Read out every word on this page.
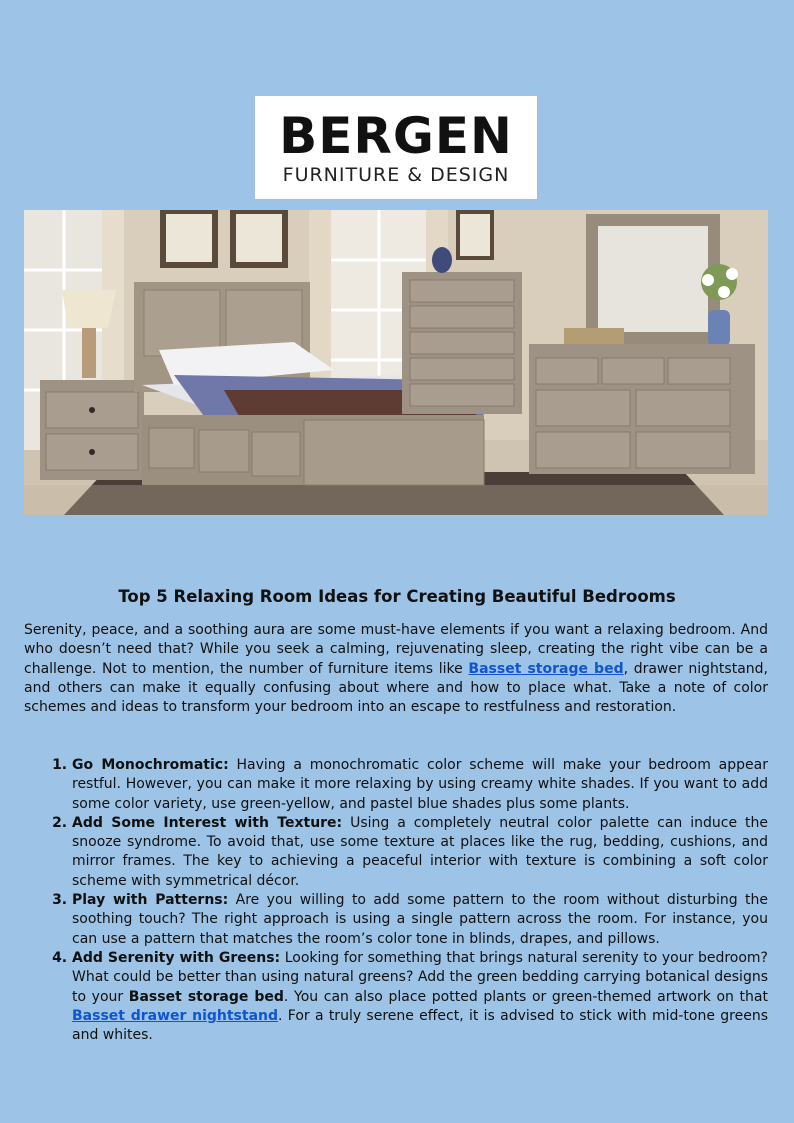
BERGEN
FURNITURE & DESIGN
Top 5 Relaxing Room Ideas for Creating Beautiful Bedrooms

Serenity, peace, and a soothing aura are some must-have elements if you want a relaxing bedroom. And who doesn’t need that? While you seek a calming, rejuvenating sleep, creating the right vibe can be a challenge. Not to mention, the number of furniture items like Basset storage bed, drawer nightstand, and others can make it equally confusing about where and how to place what. Take a note of color schemes and ideas to transform your bedroom into an escape to restfulness and restoration.

1. Go Monochromatic: Having a monochromatic color scheme will make your bedroom appear restful. However, you can make it more relaxing by using creamy white shades. If you want to add some color variety, use green-yellow, and pastel blue shades plus some plants.
2. Add Some Interest with Texture: Using a completely neutral color palette can induce the snooze syndrome. To avoid that, use some texture at places like the rug, bedding, cushions, and mirror frames. The key to achieving a peaceful interior with texture is combining a soft color scheme with symmetrical décor.
3. Play with Patterns: Are you willing to add some pattern to the room without disturbing the soothing touch? The right approach is using a single pattern across the room. For instance, you can use a pattern that matches the room’s color tone in blinds, drapes, and pillows.
4. Add Serenity with Greens: Looking for something that brings natural serenity to your bedroom? What could be better than using natural greens? Add the green bedding carrying botanical designs to your Basset storage bed. You can also place potted plants or green-themed artwork on that Basset drawer nightstand. For a truly serene effect, it is advised to stick with mid-tone greens and whites.
